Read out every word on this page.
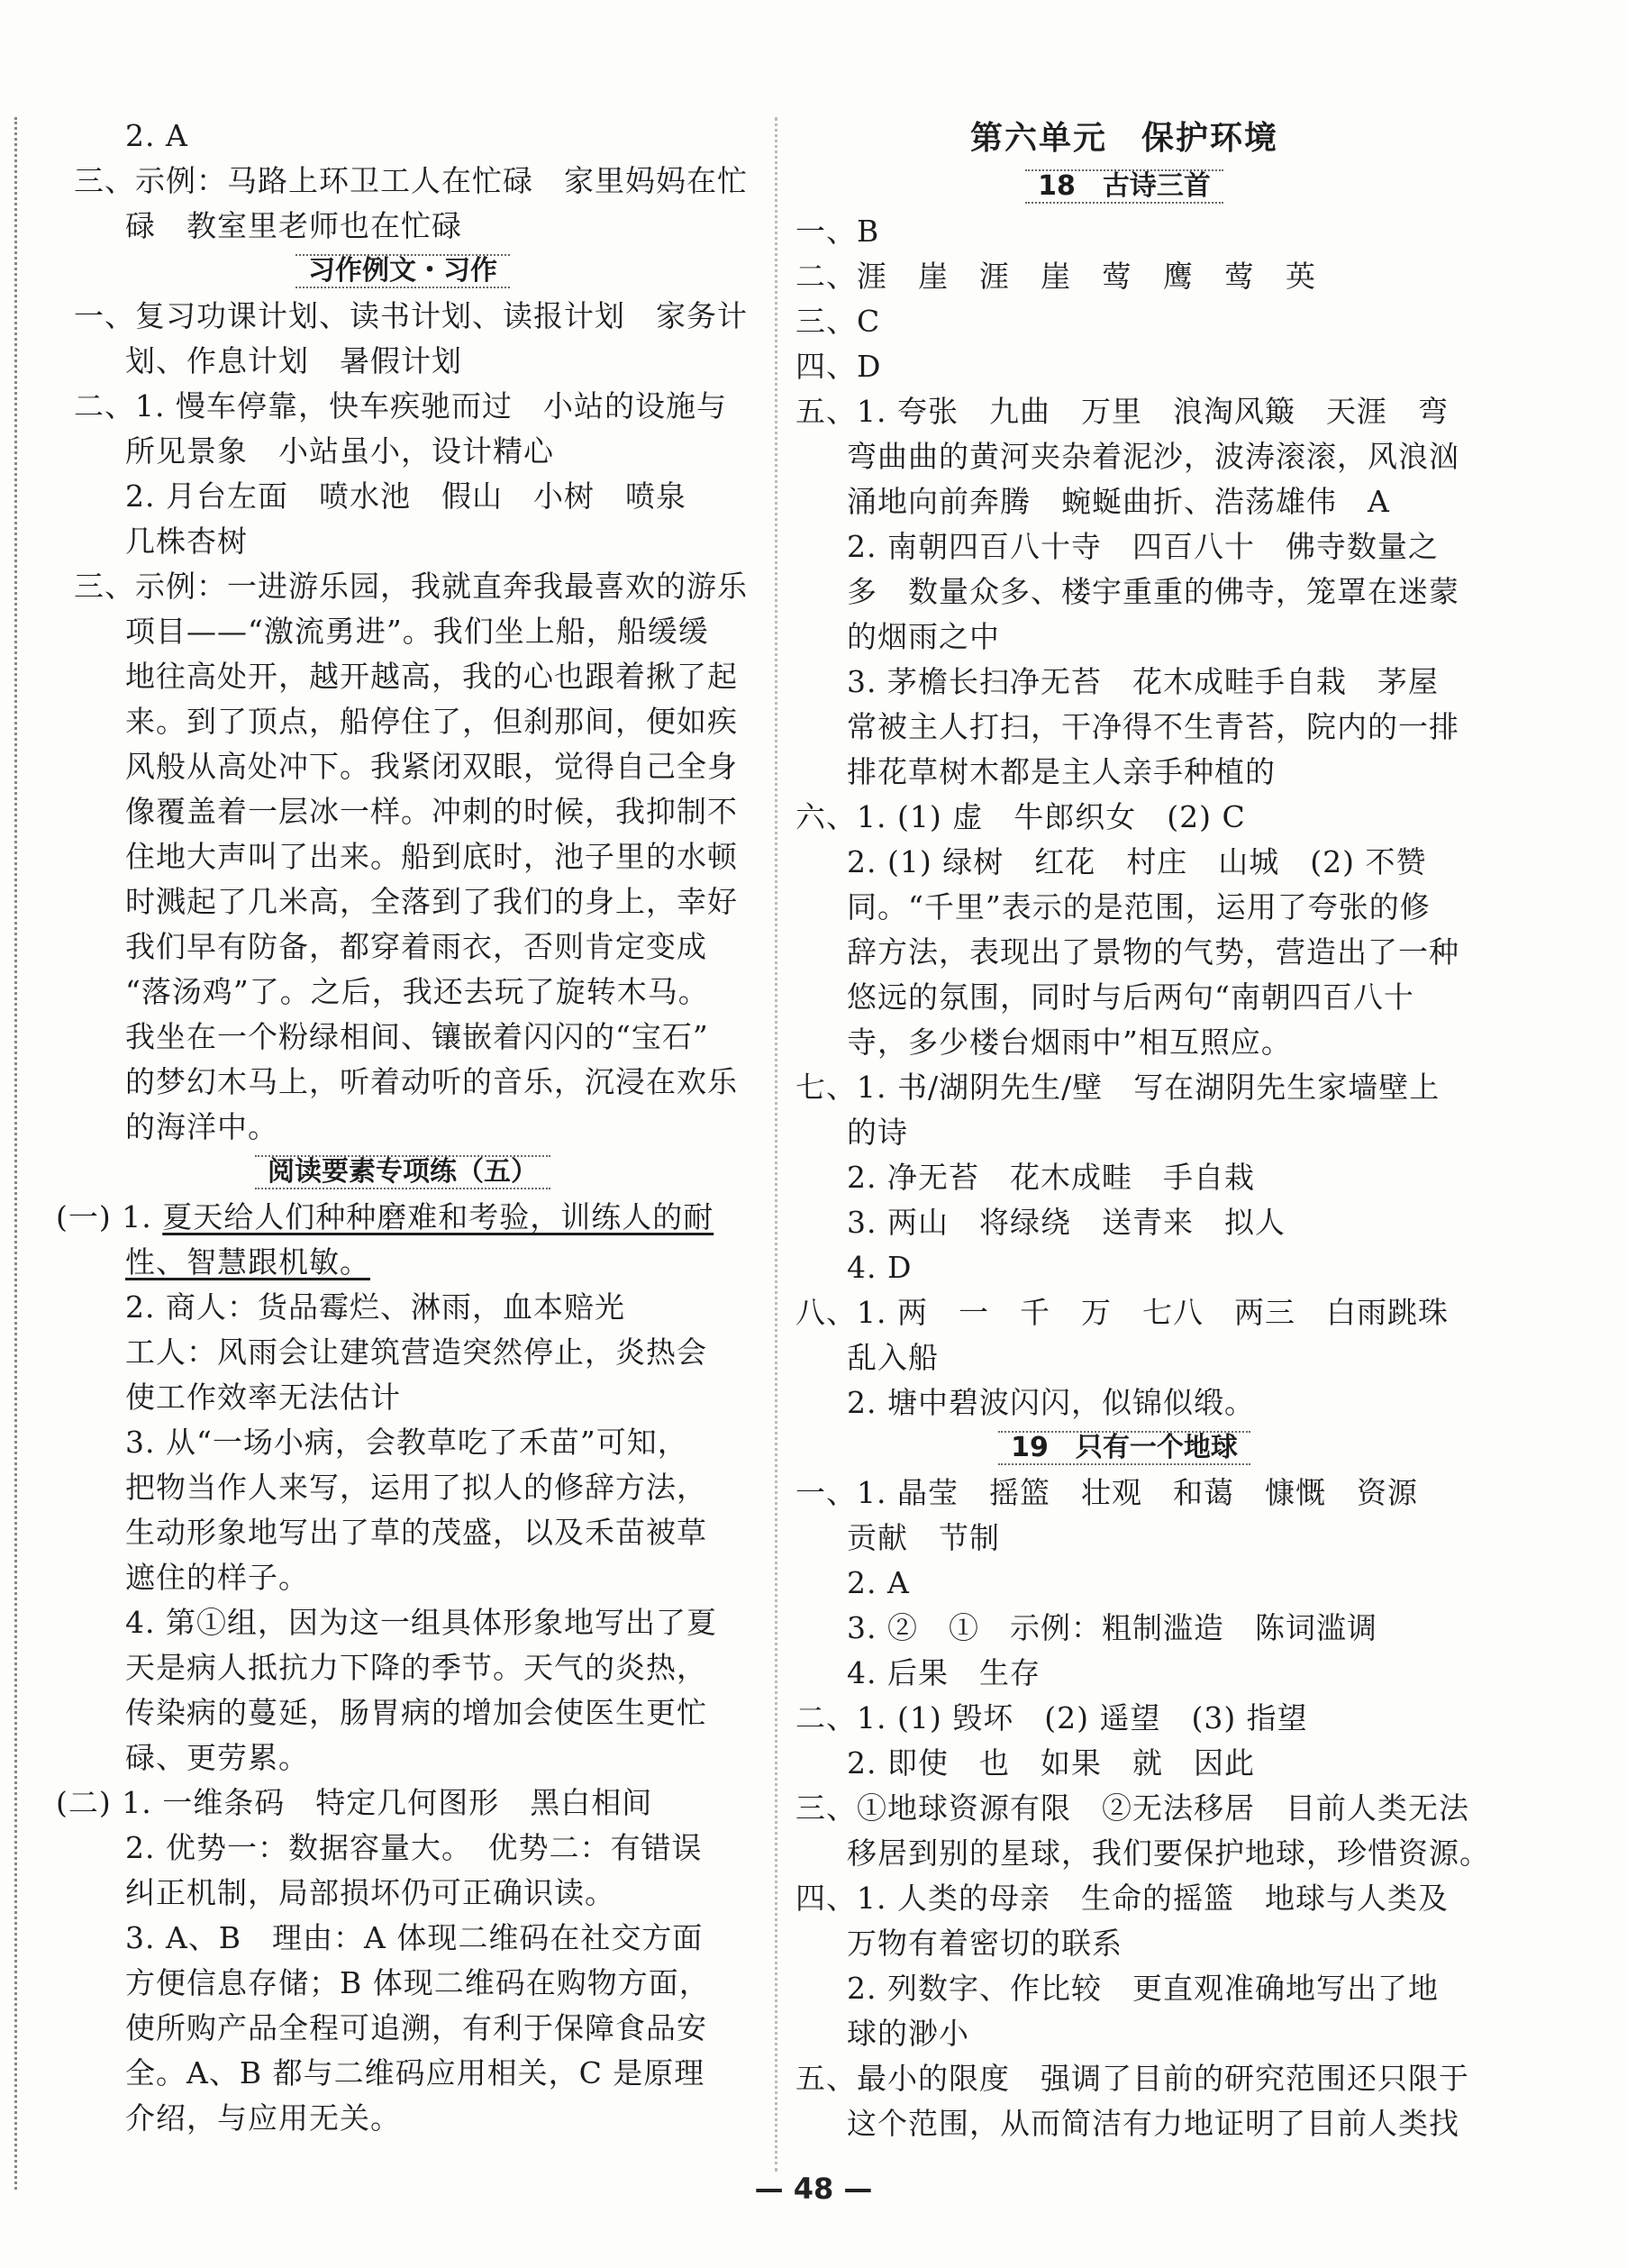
2. A
三、示例：马路上环卫工人在忙碌　家里妈妈在忙
碌　教室里老师也在忙碌
习作例文・习作
一、复习功课计划、读书计划、读报计划　家务计
划、作息计划　暑假计划
二、1. 慢车停靠，快车疾驰而过　小站的设施与
所见景象　小站虽小，设计精心
2. 月台左面　喷水池　假山　小树　喷泉
几株杏树
三、示例：一进游乐园，我就直奔我最喜欢的游乐
项目——“激流勇进”。我们坐上船，船缓缓
地往高处开，越开越高，我的心也跟着揪了起
来。到了顶点，船停住了，但刹那间，便如疾
风般从高处冲下。我紧闭双眼，觉得自己全身
像覆盖着一层冰一样。冲刺的时候，我抑制不
住地大声叫了出来。船到底时，池子里的水顿
时溅起了几米高，全落到了我们的身上，幸好
我们早有防备，都穿着雨衣，否则肯定变成
“落汤鸡”了。之后，我还去玩了旋转木马。
我坐在一个粉绿相间、镶嵌着闪闪的“宝石”
的梦幻木马上，听着动听的音乐，沉浸在欢乐
的海洋中。
阅读要素专项练（五）
(一) 1. 夏天给人们种种磨难和考验，训练人的耐
性、智慧跟机敏。
2. 商人：货品霉烂、淋雨，血本赔光
工人：风雨会让建筑营造突然停止，炎热会
使工作效率无法估计
3. 从“一场小病，会教草吃了禾苗”可知，
把物当作人来写，运用了拟人的修辞方法，
生动形象地写出了草的茂盛，以及禾苗被草
遮住的样子。
4. 第①组，因为这一组具体形象地写出了夏
天是病人抵抗力下降的季节。天气的炎热，
传染病的蔓延，肠胃病的增加会使医生更忙
碌、更劳累。
(二) 1. 一维条码　特定几何图形　黑白相间
2. 优势一：数据容量大。　优势二：有错误
纠正机制，局部损坏仍可正确识读。
3. A、B　理由：A 体现二维码在社交方面
方便信息存储；B 体现二维码在购物方面，
使所购产品全程可追溯，有利于保障食品安
全。A、B 都与二维码应用相关，C 是原理
介绍，与应用无关。
第六单元　保护环境
18　古诗三首
一、B
二、涯　崖　涯　崖　莺　鹰　莺　英
三、C
四、D
五、1. 夸张　九曲　万里　浪淘风簸　天涯　弯
弯曲曲的黄河夹杂着泥沙，波涛滚滚，风浪汹
涌地向前奔腾　蜿蜒曲折、浩荡雄伟　A
2. 南朝四百八十寺　四百八十　佛寺数量之
多　数量众多、楼宇重重的佛寺，笼罩在迷蒙
的烟雨之中
3. 茅檐长扫净无苔　花木成畦手自栽　茅屋
常被主人打扫，干净得不生青苔，院内的一排
排花草树木都是主人亲手种植的
六、1. (1) 虚　牛郎织女　(2) C
2. (1) 绿树　红花　村庄　山城　(2) 不赞
同。“千里”表示的是范围，运用了夸张的修
辞方法，表现出了景物的气势，营造出了一种
悠远的氛围，同时与后两句“南朝四百八十
寺，多少楼台烟雨中”相互照应。
七、1. 书/湖阴先生/壁　写在湖阴先生家墙壁上
的诗
2. 净无苔　花木成畦　手自栽
3. 两山　将绿绕　送青来　拟人
4. D
八、1. 两　一　千　万　七八　两三　白雨跳珠
乱入船
2. 塘中碧波闪闪，似锦似缎。
19　只有一个地球
一、1. 晶莹　摇篮　壮观　和蔼　慷慨　资源
贡献　节制
2. A
3. ②　①　示例：粗制滥造　陈词滥调
4. 后果　生存
二、1. (1) 毁坏　(2) 遥望　(3) 指望
2. 即使　也　如果　就　因此
三、①地球资源有限　②无法移居　目前人类无法
移居到别的星球，我们要保护地球，珍惜资源。
四、1. 人类的母亲　生命的摇篮　地球与人类及
万物有着密切的联系
2. 列数字、作比较　更直观准确地写出了地
球的渺小
五、最小的限度　强调了目前的研究范围还只限于
这个范围，从而简洁有力地证明了目前人类找
— 48 —
